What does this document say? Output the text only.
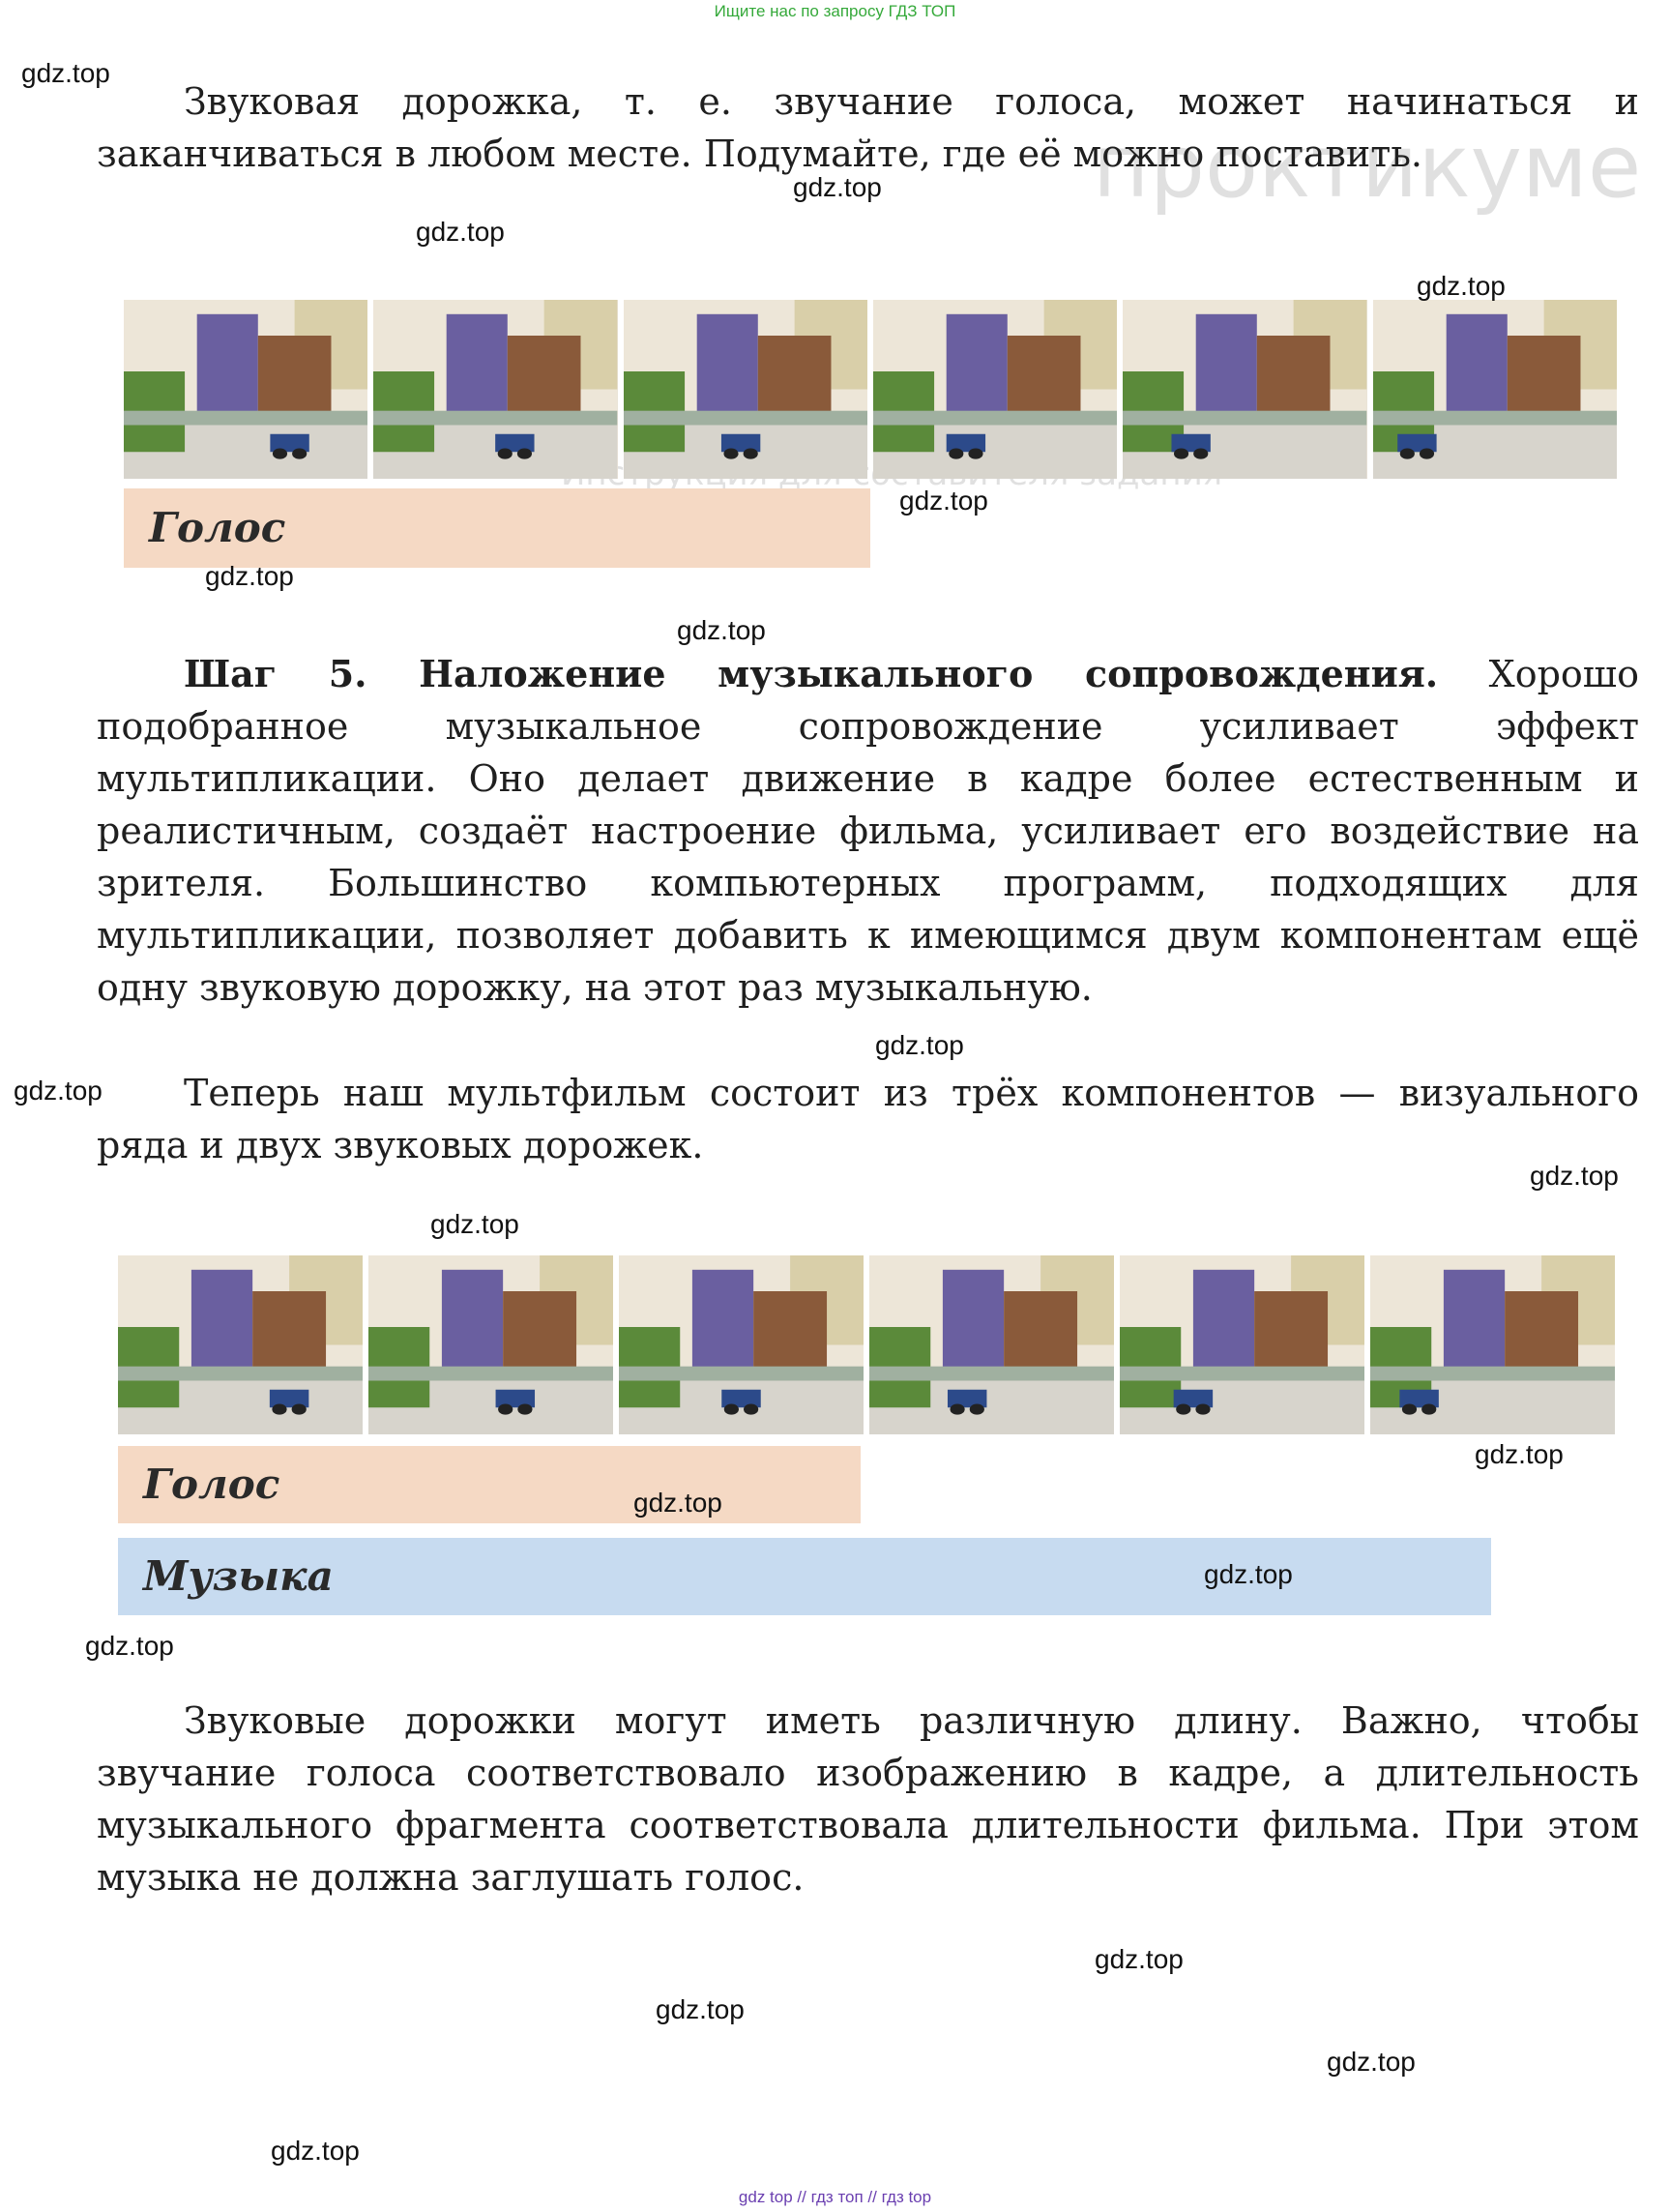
проктикуме
Ищите нас по запросу ГДЗ ТОП

Звуковая дорожка, т. е. звучание голоса, может начинаться и заканчиваться в любом месте. Подумайте, где её можно поставить.

Голос

Шаг 5. Наложение музыкального сопровождения. Хорошо подобранное музыкальное сопровождение усиливает эффект мультипликации. Оно делает движение в кадре более естественным и реалистичным, создаёт настроение фильма, усиливает его воздействие на зрителя. Большинство компьютерных программ, подходящих для мультипликации, позволяет добавить к имеющимся двум компонентам ещё одну звуковую дорожку, на этот раз музыкальную.

Теперь наш мультфильм состоит из трёх компонентов — визуального ряда и двух звуковых дорожек.

Голос
Музыка

Звуковые дорожки могут иметь различную длину. Важно, чтобы звучание голоса соответствовало изображению в кадре, а длительность музыкального фрагмента соответствовала длительности фильма. При этом музыка не должна заглушать голос.

gdz.top
gdz.top
gdz.top
gdz.top
gdz.top
gdz.top
gdz.top
gdz.top
gdz.top
gdz.top
gdz.top
gdz.top
gdz.top
gdz.top
gdz.top
gdz.top
gdz.top
gdz.top
gdz.top
gdz top // гдз топ // гдз top
